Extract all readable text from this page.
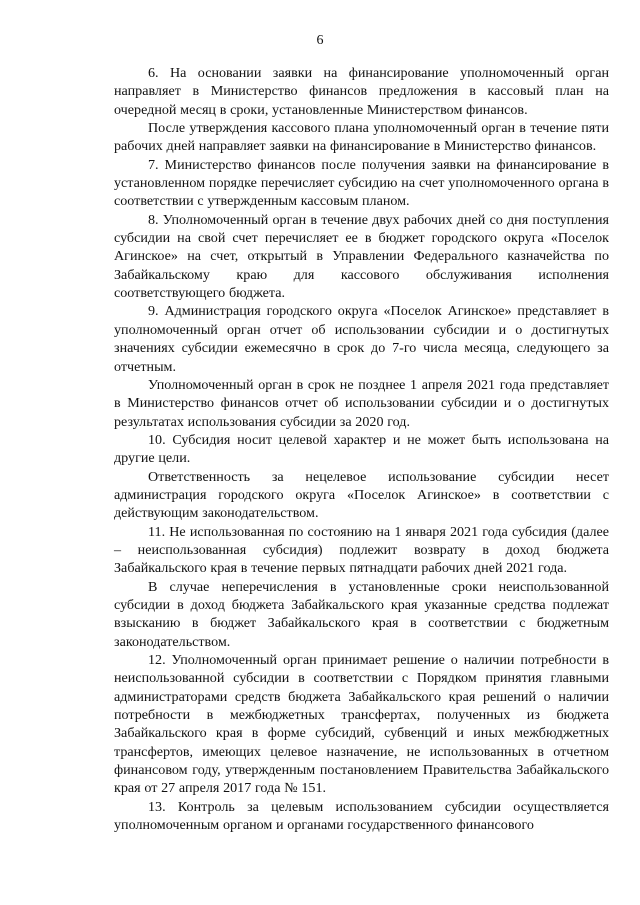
6

6. На основании заявки на финансирование уполномоченный орган направляет в Министерство финансов предложения в кассовый план на очередной месяц в сроки, установленные Министерством финансов.

После утверждения кассового плана уполномоченный орган в течение пяти рабочих дней направляет заявки на финансирование в Министерство финансов.

7. Министерство финансов после получения заявки на финансирование в установленном порядке перечисляет субсидию на счет уполномоченного органа в соответствии с утвержденным кассовым планом.

8. Уполномоченный орган в течение двух рабочих дней со дня поступления субсидии на свой счет перечисляет ее в бюджет городского округа «Поселок Агинское» на счет, открытый в Управлении Федерального казначейства по Забайкальскому краю для кассового обслуживания исполнения соответствующего бюджета.

9. Администрация городского округа «Поселок Агинское» представляет в уполномоченный орган отчет об использовании субсидии и о достигнутых значениях субсидии ежемесячно в срок до 7-го числа месяца, следующего за отчетным.

Уполномоченный орган в срок не позднее 1 апреля 2021 года представляет в Министерство финансов отчет об использовании субсидии и о достигнутых результатах использования субсидии за 2020 год.

10. Субсидия носит целевой характер и не может быть использована на другие цели.

Ответственность за нецелевое использование субсидии несет администрация городского округа «Поселок Агинское» в соответствии с действующим законодательством.

11. Не использованная по состоянию на 1 января 2021 года субсидия (далее – неиспользованная субсидия) подлежит возврату в доход бюджета Забайкальского края в течение первых пятнадцати рабочих дней 2021 года.

В случае неперечисления в установленные сроки неиспользованной субсидии в доход бюджета Забайкальского края указанные средства подлежат взысканию в бюджет Забайкальского края в соответствии с бюджетным законодательством.

12. Уполномоченный орган принимает решение о наличии потребности в неиспользованной субсидии в соответствии с Порядком принятия главными администраторами средств бюджета Забайкальского края решений о наличии потребности в межбюджетных трансфертах, полученных из бюджета Забайкальского края в форме субсидий, субвенций и иных межбюджетных трансфертов, имеющих целевое назначение, не использованных в отчетном финансовом году, утвержденным постановлением Правительства Забайкальского края от 27 апреля 2017 года № 151.

13. Контроль за целевым использованием субсидии осуществляется уполномоченным органом и органами государственного финансового
